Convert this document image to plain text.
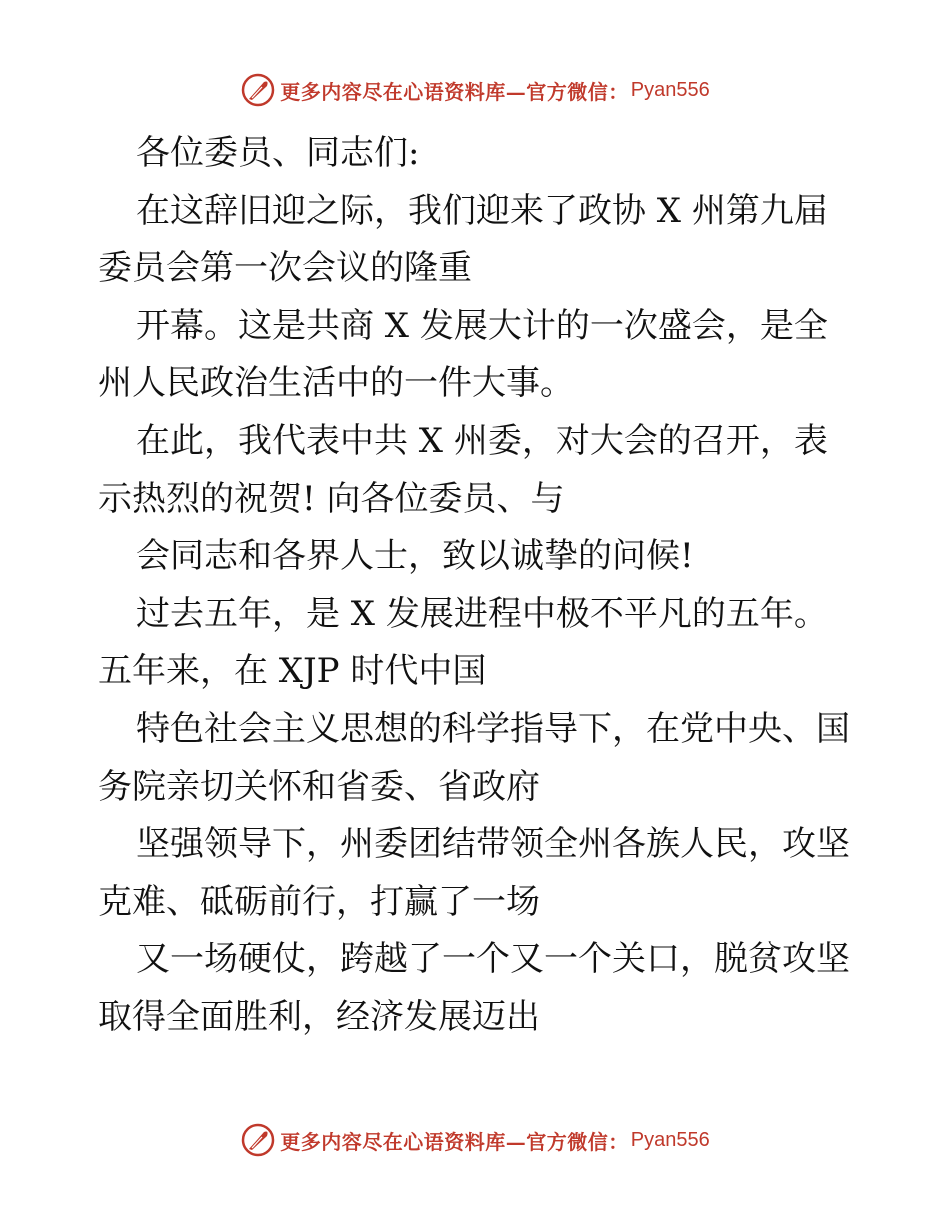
更多内容尽在心语资料库—官方微信： Pyan556
各位委员、同志们:
在这辞旧迎之际，我们迎来了政协 X 州第九届
委员会第一次会议的隆重
开幕。这是共商 X 发展大计的一次盛会，是全
州人民政治生活中的一件大事。
在此，我代表中共 X 州委，对大会的召开，表
示热烈的祝贺! 向各位委员、与
会同志和各界人士，致以诚挚的问候!
过去五年，是 X 发展进程中极不平凡的五年。
五年来，在 XJP 时代中国
特色社会主义思想的科学指导下，在党中央、国
务院亲切关怀和省委、省政府
坚强领导下，州委团结带领全州各族人民，攻坚
克难、砥砺前行，打赢了一场
又一场硬仗，跨越了一个又一个关口，脱贫攻坚
取得全面胜利，经济发展迈出
更多内容尽在心语资料库—官方微信： Pyan556
